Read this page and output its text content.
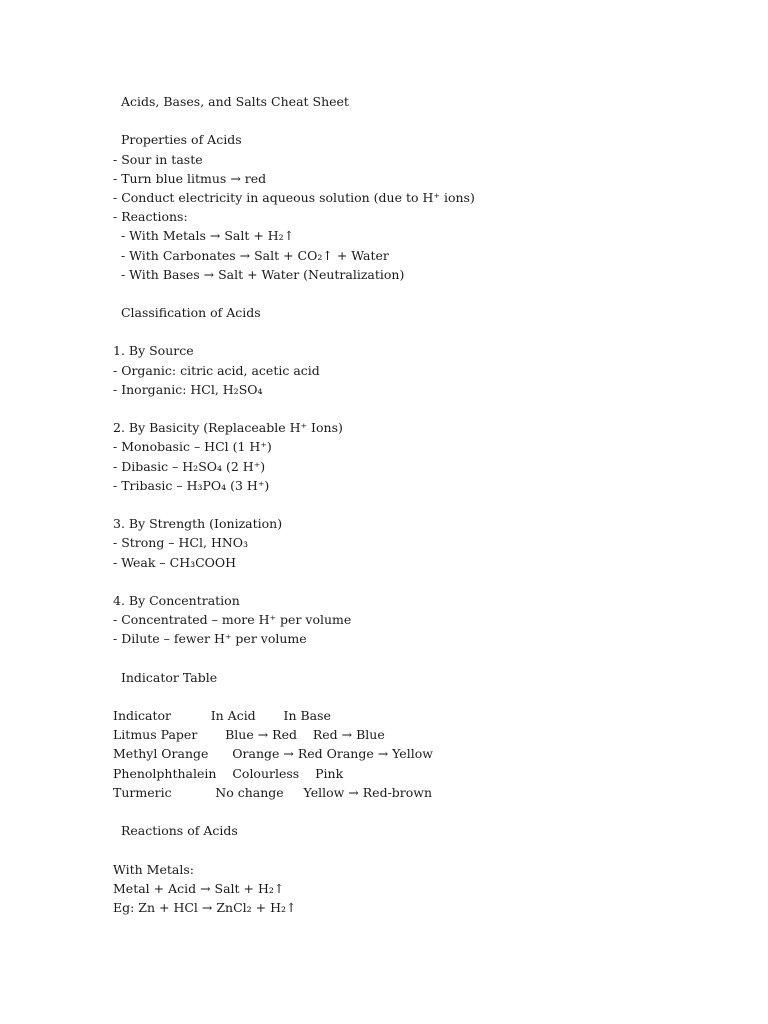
Acids, Bases, and Salts Cheat Sheet
Properties of Acids
- Sour in taste
- Turn blue litmus → red
- Conduct electricity in aqueous solution (due to H⁺ ions)
- Reactions:
- With Metals → Salt + H₂↑
- With Carbonates → Salt + CO₂↑ + Water
- With Bases → Salt + Water (Neutralization)
Classification of Acids
1. By Source
- Organic: citric acid, acetic acid
- Inorganic: HCl, H₂SO₄
2. By Basicity (Replaceable H⁺ Ions)
- Monobasic – HCl (1 H⁺)
- Dibasic – H₂SO₄ (2 H⁺)
- Tribasic – H₃PO₄ (3 H⁺)
3. By Strength (Ionization)
- Strong – HCl, HNO₃
- Weak – CH₃COOH
4. By Concentration
- Concentrated – more H⁺ per volume
- Dilute – fewer H⁺ per volume
Indicator Table
Indicator          In Acid       In Base
Litmus Paper       Blue → Red    Red → Blue
Methyl Orange      Orange → Red Orange → Yellow
Phenolphthalein    Colourless    Pink
Turmeric           No change     Yellow → Red-brown
Reactions of Acids
With Metals:
Metal + Acid → Salt + H₂↑
Eg: Zn + HCl → ZnCl₂ + H₂↑
